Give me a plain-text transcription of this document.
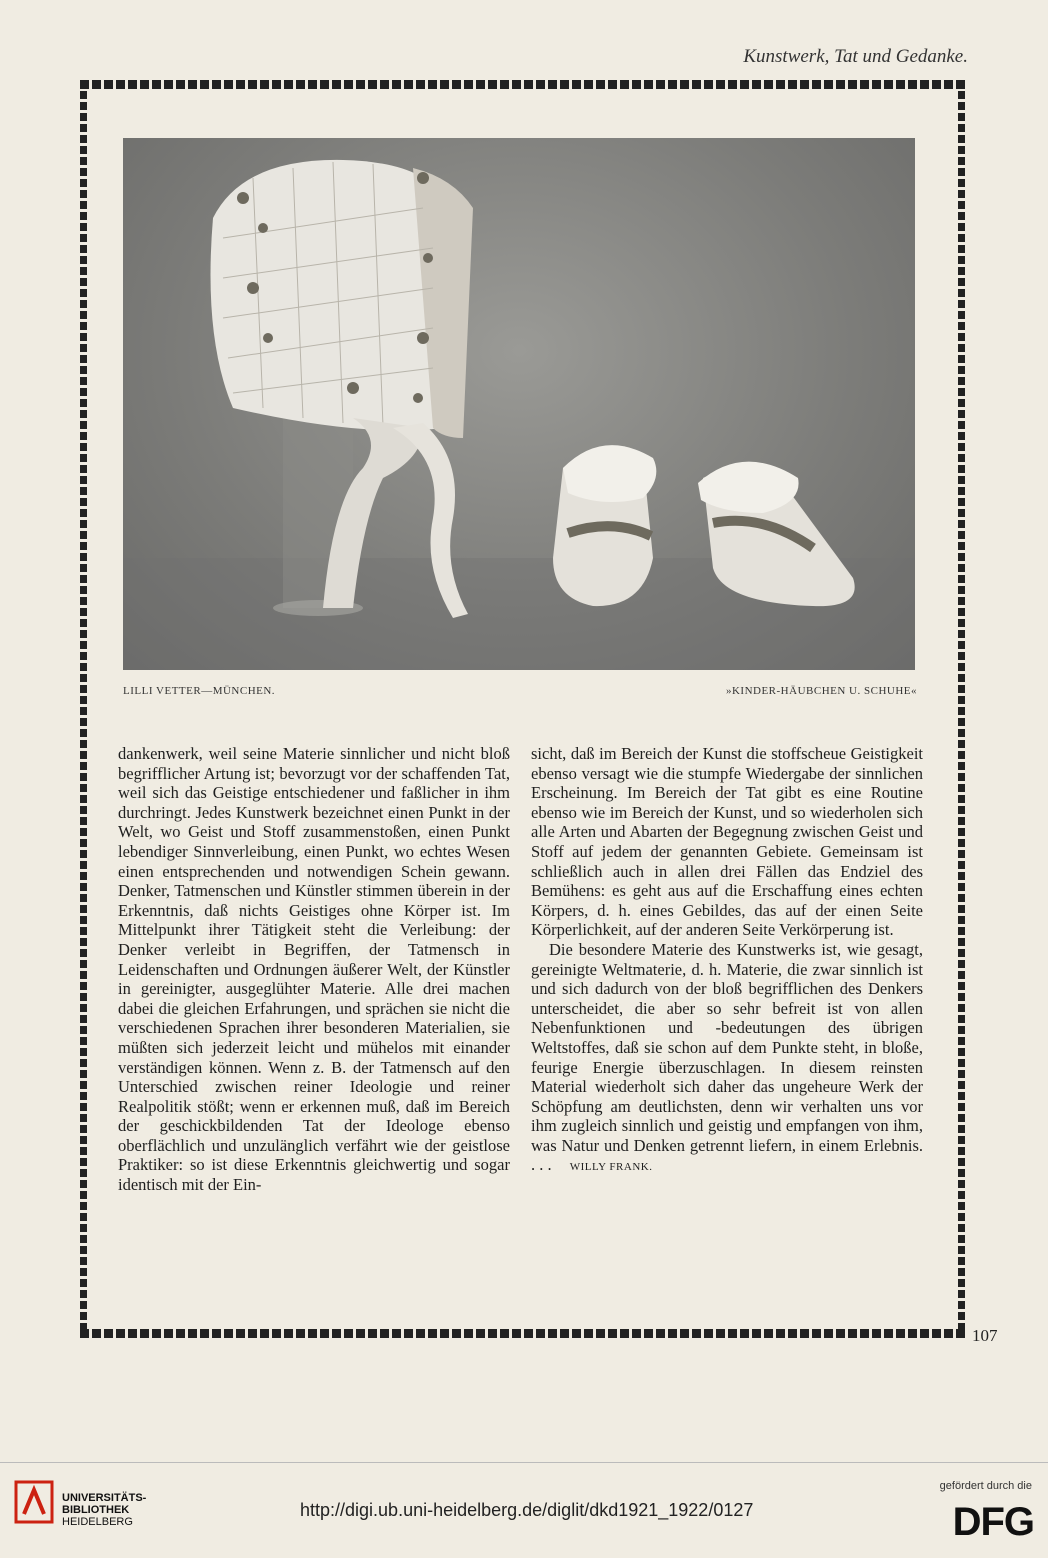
Kunstwerk, Tat und Gedanke.
LILLI VETTER—MÜNCHEN.	»KINDER-HÄUBCHEN U. SCHUHE«

dankenwerk, weil seine Materie sinnlicher und nicht bloß begrifflicher Artung ist; bevorzugt vor der schaffenden Tat, weil sich das Geistige entschiedener und faßlicher in ihm durchringt. Jedes Kunstwerk bezeichnet einen Punkt in der Welt, wo Geist und Stoff zusammenstoßen, einen Punkt lebendiger Sinnverleibung, einen Punkt, wo echtes Wesen einen entsprechenden und notwendigen Schein gewann. Denker, Tatmenschen und Künstler stimmen überein in der Erkenntnis, daß nichts Geistiges ohne Körper ist. Im Mittelpunkt ihrer Tätigkeit steht die Verleibung: der Denker verleibt in Begriffen, der Tatmensch in Leidenschaften und Ordnungen äußerer Welt, der Künstler in gereinigter, ausgeglühter Materie. Alle drei machen dabei die gleichen Erfahrungen, und sprächen sie nicht die verschiedenen Sprachen ihrer besonderen Materialien, sie müßten sich jederzeit leicht und mühelos mit einander verständigen können. Wenn z. B. der Tatmensch auf den Unterschied zwischen reiner Ideologie und reiner Realpolitik stößt; wenn er erkennen muß, daß im Bereich der geschickbildenden Tat der Ideologe ebenso oberflächlich und unzulänglich verfährt wie der geistlose Praktiker: so ist diese Erkenntnis gleichwertig und sogar identisch mit der Ein-

sicht, daß im Bereich der Kunst die stoffscheue Geistigkeit ebenso versagt wie die stumpfe Wiedergabe der sinnlichen Erscheinung. Im Bereich der Tat gibt es eine Routine ebenso wie im Bereich der Kunst, und so wiederholen sich alle Arten und Abarten der Begegnung zwischen Geist und Stoff auf jedem der genannten Gebiete. Gemeinsam ist schließlich auch in allen drei Fällen das Endziel des Bemühens: es geht aus auf die Erschaffung eines echten Körpers, d. h. eines Gebildes, das auf der einen Seite Körperlichkeit, auf der anderen Seite Verkörperung ist.

Die besondere Materie des Kunstwerks ist, wie gesagt, gereinigte Weltmaterie, d. h. Materie, die zwar sinnlich ist und sich dadurch von der bloß begrifflichen des Denkers unterscheidet, die aber so sehr befreit ist von allen Nebenfunktionen und -bedeutungen des übrigen Weltstoffes, daß sie schon auf dem Punkte steht, in bloße, feurige Energie überzuschlagen. In diesem reinsten Material wiederholt sich daher das ungeheure Werk der Schöpfung am deutlichsten, denn wir verhalten uns vor ihm zugleich sinnlich und geistig und empfangen von ihm, was Natur und Denken getrennt liefern, in einem Erlebnis. . . . WILLY FRANK.

107
UNIVERSITÄTS-
BIBLIOTHEK
HEIDELBERG
http://digi.ub.uni-heidelberg.de/diglit/dkd1921_1922/0127
gefördert durch die
DFG
